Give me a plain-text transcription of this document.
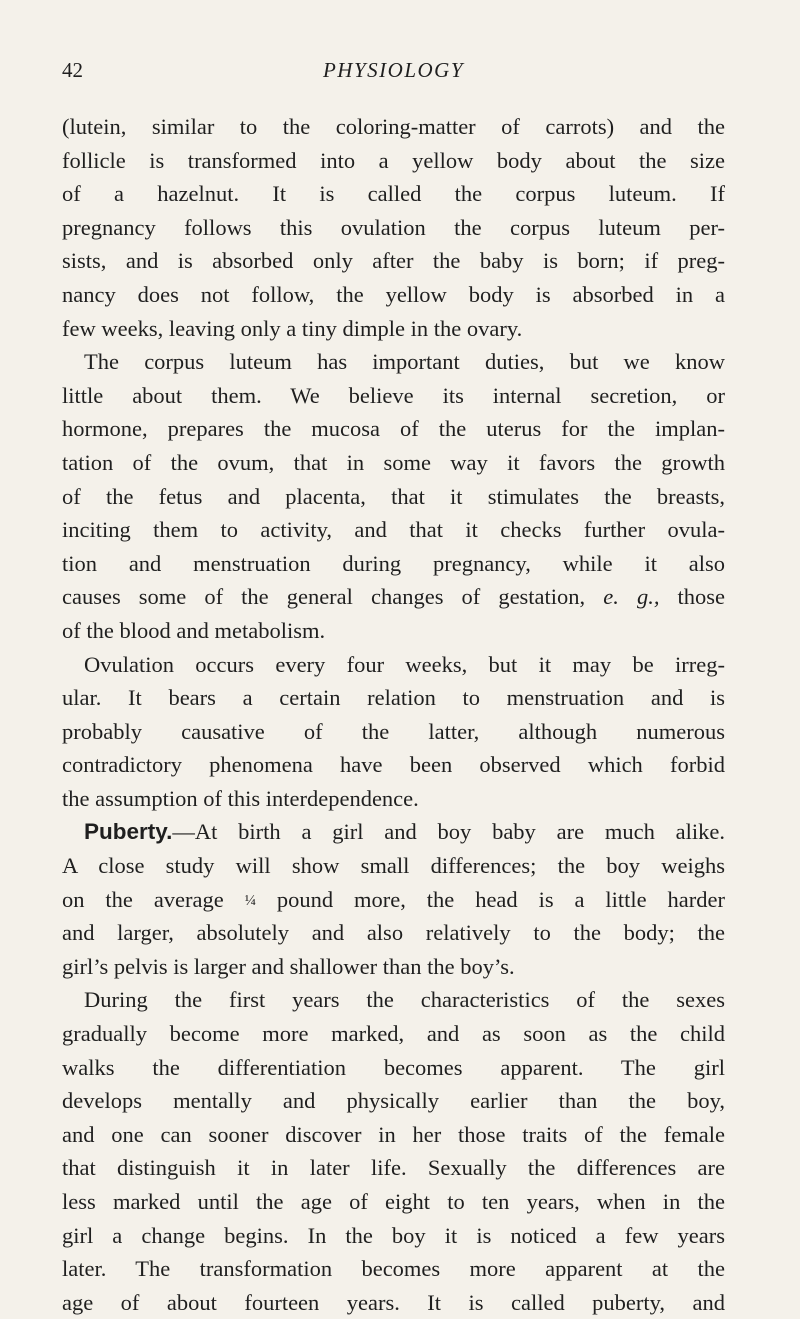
42	PHYSIOLOGY
(lutein, similar to the coloring-matter of carrots) and the
follicle is transformed into a yellow body about the size
of a hazelnut. It is called the corpus luteum. If
pregnancy follows this ovulation the corpus luteum per-
sists, and is absorbed only after the baby is born; if preg-
nancy does not follow, the yellow body is absorbed in a
few weeks, leaving only a tiny dimple in the ovary.
The corpus luteum has important duties, but we know
little about them. We believe its internal secretion, or
hormone, prepares the mucosa of the uterus for the implan-
tation of the ovum, that in some way it favors the growth
of the fetus and placenta, that it stimulates the breasts,
inciting them to activity, and that it checks further ovula-
tion and menstruation during pregnancy, while it also
causes some of the general changes of gestation, e. g., those
of the blood and metabolism.
Ovulation occurs every four weeks, but it may be irreg-
ular. It bears a certain relation to menstruation and is
probably causative of the latter, although numerous
contradictory phenomena have been observed which forbid
the assumption of this interdependence.
Puberty.—At birth a girl and boy baby are much alike.
A close study will show small differences; the boy weighs
on the average ¼ pound more, the head is a little harder
and larger, absolutely and also relatively to the body; the
girl’s pelvis is larger and shallower than the boy’s.
During the first years the characteristics of the sexes
gradually become more marked, and as soon as the child
walks the differentiation becomes apparent. The girl
develops mentally and physically earlier than the boy,
and one can sooner discover in her those traits of the female
that distinguish it in later life. Sexually the differences are
less marked until the age of eight to ten years, when in the
girl a change begins. In the boy it is noticed a few years
later. The transformation becomes more apparent at the
age of about fourteen years. It is called puberty, and
